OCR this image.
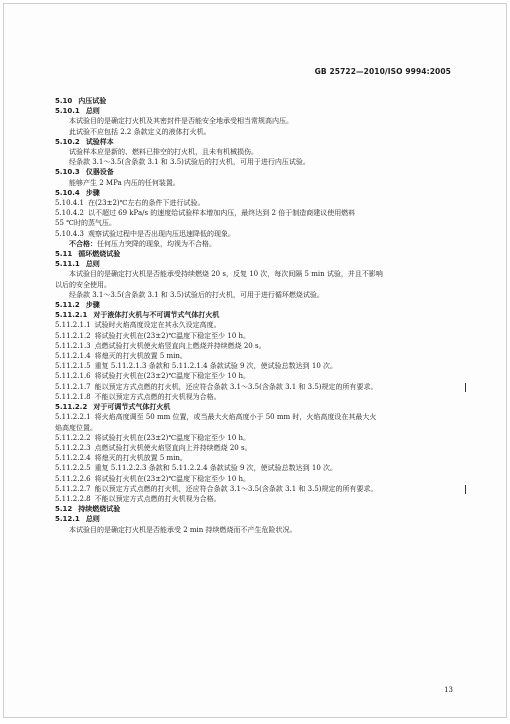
GB 25722—2010/ISO 9994:2005
5.10 内压试验
5.10.1 总则
本试验目的是确定打火机及其密封件是否能安全地承受相当常规高内压。
此试验不应包括 2.2 条款定义的液体打火机。
5.10.2 试验样本
试验样本应是新的、燃料已排空的打火机，且未有机械损伤。
经条款 3.1～3.5(含条款 3.1 和 3.5)试验后的打火机，可用于进行内压试验。
5.10.3 仪器设备
能够产生 2 MPa 内压的任何装置。
5.10.4 步骤
5.10.4.1 在(23±2)℃左右的条件下进行试验。
5.10.4.2 以不超过 69 kPa/s 的速度给试验样本增加内压，最终达到 2 倍于制造商建议使用燃料
55 ℃时的蒸气压。
5.10.4.3 观察试验过程中是否出现内压迅速降低的现象。
不合格：任何压力突降的现象，均视为不合格。
5.11 循环燃烧试验
5.11.1 总则
本试验目的是确定打火机是否能承受持续燃烧 20 s，反复 10 次，每次间隔 5 min 试验，并且不影响
以后的安全使用。
经条款 3.1～3.5(含条款 3.1 和 3.5)试验后的打火机，可用于进行循环燃烧试验。
5.11.2 步骤
5.11.2.1 对于液体打火机与不可调节式气体打火机
5.11.2.1.1 试验时火焰高度设定在其永久设定高度。
5.11.2.1.2 将试验打火机在(23±2)℃温度下稳定至少 10 h。
5.11.2.1.3 点燃试验打火机使火焰竖直向上燃烧并持续燃烧 20 s。
5.11.2.1.4 将熄灭的打火机放置 5 min。
5.11.2.1.5 重复 5.11.2.1.3 条款和 5.11.2.1.4 条款试验 9 次，使试验总数达到 10 次。
5.11.2.1.6 将试验打火机在(23±2)℃温度下稳定至少 10 h。
5.11.2.1.7 能以预定方式点燃的打火机，还应符合条款 3.1～3.5(含条款 3.1 和 3.5)规定的所有要求。
5.11.2.1.8 不能以预定方式点燃的打火机视为合格。
5.11.2.2 对于可调节式气体打火机
5.11.2.2.1 将火焰高度调至 50 mm 位置，或当最大火焰高度小于 50 mm 时，火焰高度设在其最大火
焰高度位置。
5.11.2.2.2 将试验打火机在(23±2)℃温度下稳定至少 10 h。
5.11.2.2.3 点燃试验打火机使火焰竖直向上并持续燃烧 20 s。
5.11.2.2.4 将熄灭的打火机放置 5 min。
5.11.2.2.5 重复 5.11.2.2.3 条款和 5.11.2.2.4 条款试验 9 次，使试验总数达到 10 次。
5.11.2.2.6 将试验打火机在(23±2)℃温度下稳定至少 10 h。
5.11.2.2.7 能以预定方式点燃的打火机，还应符合条款 3.1～3.5(含条款 3.1 和 3.5)规定的所有要求。
5.11.2.2.8 不能以预定方式点燃的打火机视为合格。
5.12 持续燃烧试验
5.12.1 总则
本试验目的是确定打火机是否能承受 2 min 持续燃烧而不产生危险状况。
13
